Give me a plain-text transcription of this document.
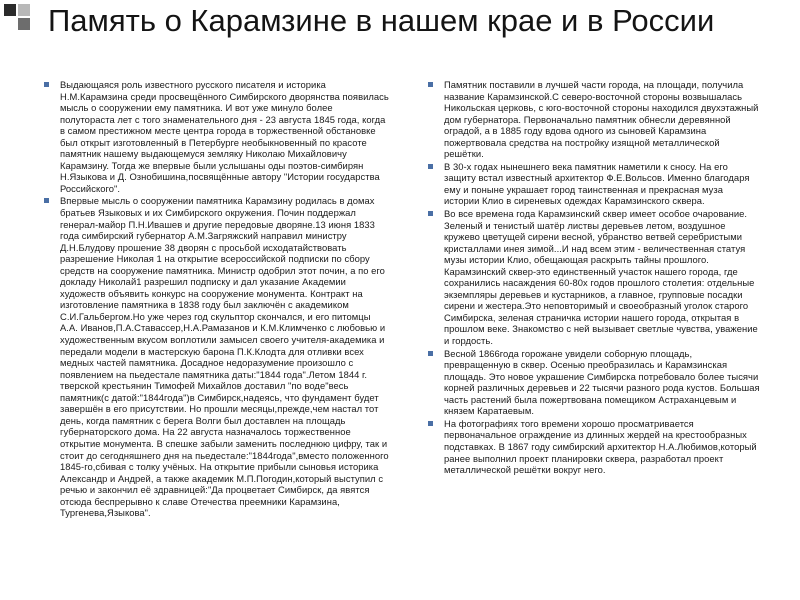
Память о Карамзине в нашем крае и в России

Выдающаяся роль известного русского писателя и историка Н.М.Карамзина среди просвещённого Симбирского дворянства появилась мысль о сооружении ему памятника. И вот уже минуло более полутораста лет с того знаменательного дня - 23 августа 1845 года, когда в самом престижном месте центра города в торжественной обстановке был открыт изготовленный в Петербурге необыкновенный по красоте памятник нашему выдающемуся земляку Николаю Михайловичу Карамзину. Тогда же впервые были услышаны оды поэтов-симбирян Н.Языкова и Д. Ознобишина,посвящённые автору "Истории государства Российского".

Впервые мысль о сооружении памятника Карамзину родилась в домах братьев Языковых и их Симбирского окружения. Почин поддержал генерал-майор П.Н.Ивашев и другие передовые дворяне.13 июня 1833 года симбирский губернатор А.М.Загряжский направил министру Д.Н.Блудову прошение 38 дворян с просьбой исходатайствовать разрешение Николая 1 на открытие всероссийской подписки по сбору средств на сооружение памятника. Министр одобрил этот почин, а по его докладу Николай1 разрешил подписку и дал указание Академии художеств объявить конкурс на сооружение монумента. Контракт на изготовление памятника в 1838 году был заключён с академиком С.И.Гальбергом.Но уже через год скульптор скончался, и его питомцы А.А. Иванов,П.А.Ставассер,Н.А.Рамазанов и К.М.Климченко с любовью и художественным вкусом воплотили замысел своего учителя-академика и передали модели в мастерскую барона П.К.Клодта для отливки всех медных частей памятника. Досадное недоразумение произошло с появлением на пьедестале памятника даты:"1844 года".Летом 1844 г. тверской крестьянин Тимофей Михайлов доставил "по воде"весь памятник(с датой:"1844года")в Симбирск,надеясь, что фундамент будет завершён в его присутствии. Но прошли месяцы,прежде,чем настал тот день, когда памятник с берега Волги был доставлен на площадь губернаторского дома. На 22 августа назначалось торжественное открытие монумента. В спешке забыли заменить последнюю цифру, так и стоит до сегодняшнего дня на пьедестале:"1844года",вместо положенного 1845-го,сбивая с толку учёных. На открытие прибыли сыновья историка Александр и Андрей, а также академик М.П.Погодин,который выступил с речью и закончил её здравницей:"Да процветает Симбирск, да явятся отсюда беспрерывно к славе Отечества преемники Карамзина, Тургенева,Языкова".

Памятник поставили в лучшей части города, на площади, получила название Карамзинской.С северо-восточной стороны возвышалась Никольская церковь, с юго-восточной стороны находился двухэтажный дом губернатора. Первоначально памятник обнесли деревянной оградой, а в 1885 году вдова одного из сыновей Карамзина пожертвовала средства на постройку изящной металлической решётки.

В 30-х годах нынешнего века памятник наметили к сносу. На его защиту встал известный архитектор Ф.Е.Вольсов. Именно благодаря ему и поныне украшает город таинственная и прекрасная муза истории Клио в сиреневых одеждах Карамзинского сквера.

Во все времена года Карамзинский сквер имеет особое очарование. Зеленый и тенистый шатёр листвы деревьев летом, воздушное кружево цветущей сирени весной, убранство ветвей серебристыми кристаллами инея зимой...И над всем этим - величественная статуя музы истории Клио, обещающая раскрыть тайны прошлого. Карамзинский сквер-это единственный участок нашего города, где сохранились насаждения 60-80х годов прошлого столетия: отдельные экземпляры деревьев и кустарников, а главное, групповые посадки сирени и жестера.Это неповторимый и своеобразный уголок старого Симбирска, зеленая страничка истории нашего города, открытая в прошлом веке. Знакомство с ней вызывает светлые чувства, уважение и гордость.

Весной 1866года горожане увидели соборную площадь, превращенную в сквер. Осенью преобразилась и Карамзинская площадь. Это новое украшение Симбирска потребовало более тысячи корней различных деревьев и 22 тысячи разного рода кустов. Большая часть растений была пожертвована помещиком Астраханцевым и князем Каратаевым.

На фотографиях того времени хорошо просматривается первоначальное ограждение из длинных жердей на крестообразных подставках. В 1867 году симбирский архитектор Н.А.Любимов,который ранее выполнил проект планировки сквера, разработал проект металлической решётки вокруг него.
